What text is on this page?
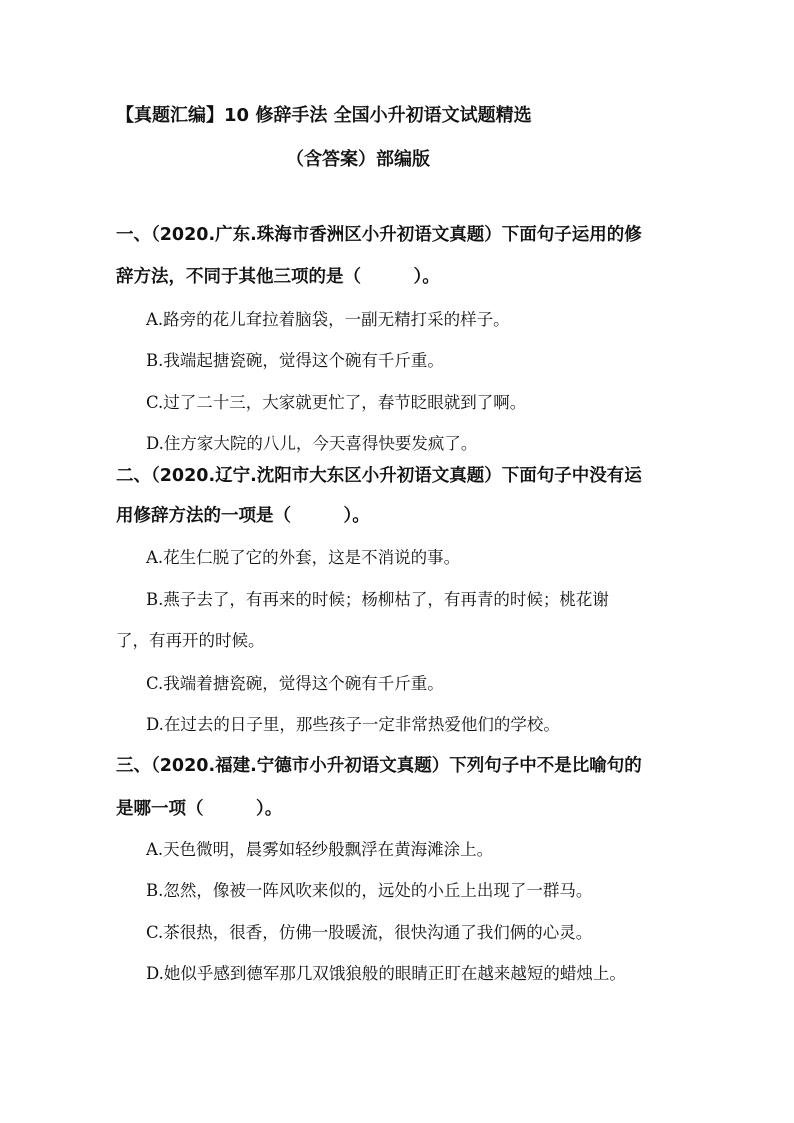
【真题汇编】10 修辞手法 全国小升初语文试题精选
（含答案）部编版
一、（2020.广东.珠海市香洲区小升初语文真题）下面句子运用的修
辞方法，不同于其他三项的是（　　　）。
A.路旁的花儿耷拉着脑袋，一副无精打采的样子。
B.我端起搪瓷碗，觉得这个碗有千斤重。
C.过了二十三，大家就更忙了，春节眨眼就到了啊。
D.住方家大院的八儿，今天喜得快要发疯了。
二、（2020.辽宁.沈阳市大东区小升初语文真题）下面句子中没有运
用修辞方法的一项是（　　　）。
A.花生仁脱了它的外套，这是不消说的事。
B.燕子去了，有再来的时候；杨柳枯了，有再青的时候；桃花谢
了，有再开的时候。
C.我端着搪瓷碗，觉得这个碗有千斤重。
D.在过去的日子里，那些孩子一定非常热爱他们的学校。
三、（2020.福建.宁德市小升初语文真题）下列句子中不是比喻句的
是哪一项（　　　）。
A.天色微明，晨雾如轻纱般飘浮在黄海滩涂上。
B.忽然，像被一阵风吹来似的，远处的小丘上出现了一群马。
C.茶很热，很香，仿佛一股暖流，很快沟通了我们俩的心灵。
D.她似乎感到德军那几双饿狼般的眼睛正盯在越来越短的蜡烛上。
